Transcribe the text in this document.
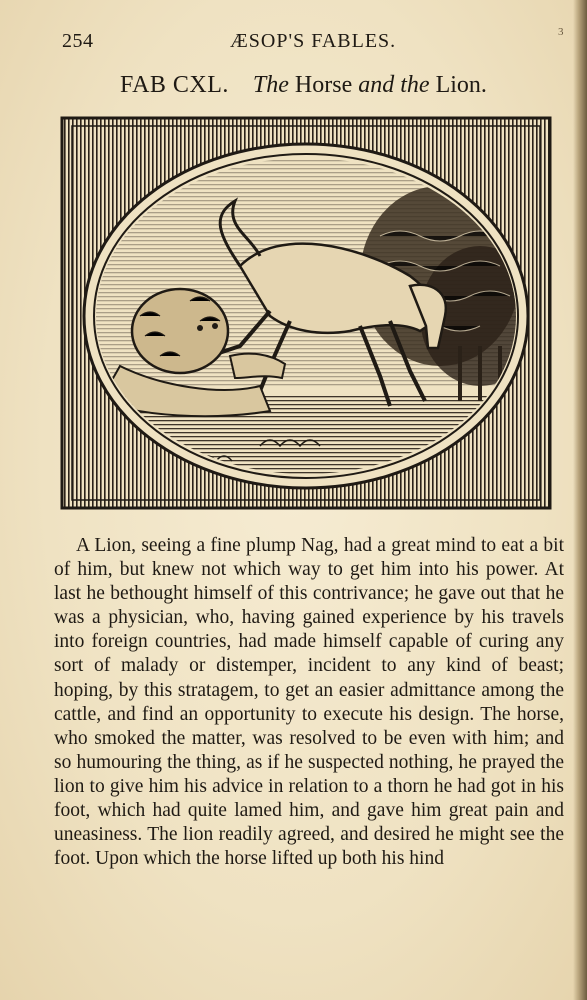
254	ÆSOP'S FABLES.	3
FAB CXL. The Horse and the Lion.
A Lion, seeing a fine plump Nag, had a great mind to eat a bit of him, but knew not which way to get him into his power. At last he bethought himself of this contrivance; he gave out that he was a physician, who, having gained experience by his travels into foreign countries, had made himself capable of curing any sort of malady or distemper, incident to any kind of beast; hoping, by this stratagem, to get an easier admittance among the cattle, and find an opportunity to execute his design. The horse, who smoked the matter, was resolved to be even with him; and so humouring the thing, as if he suspected nothing, he prayed the lion to give him his advice in relation to a thorn he had got in his foot, which had quite lamed him, and gave him great pain and uneasiness. The lion readily agreed, and desired he might see the foot. Upon which the horse lifted up both his hind
